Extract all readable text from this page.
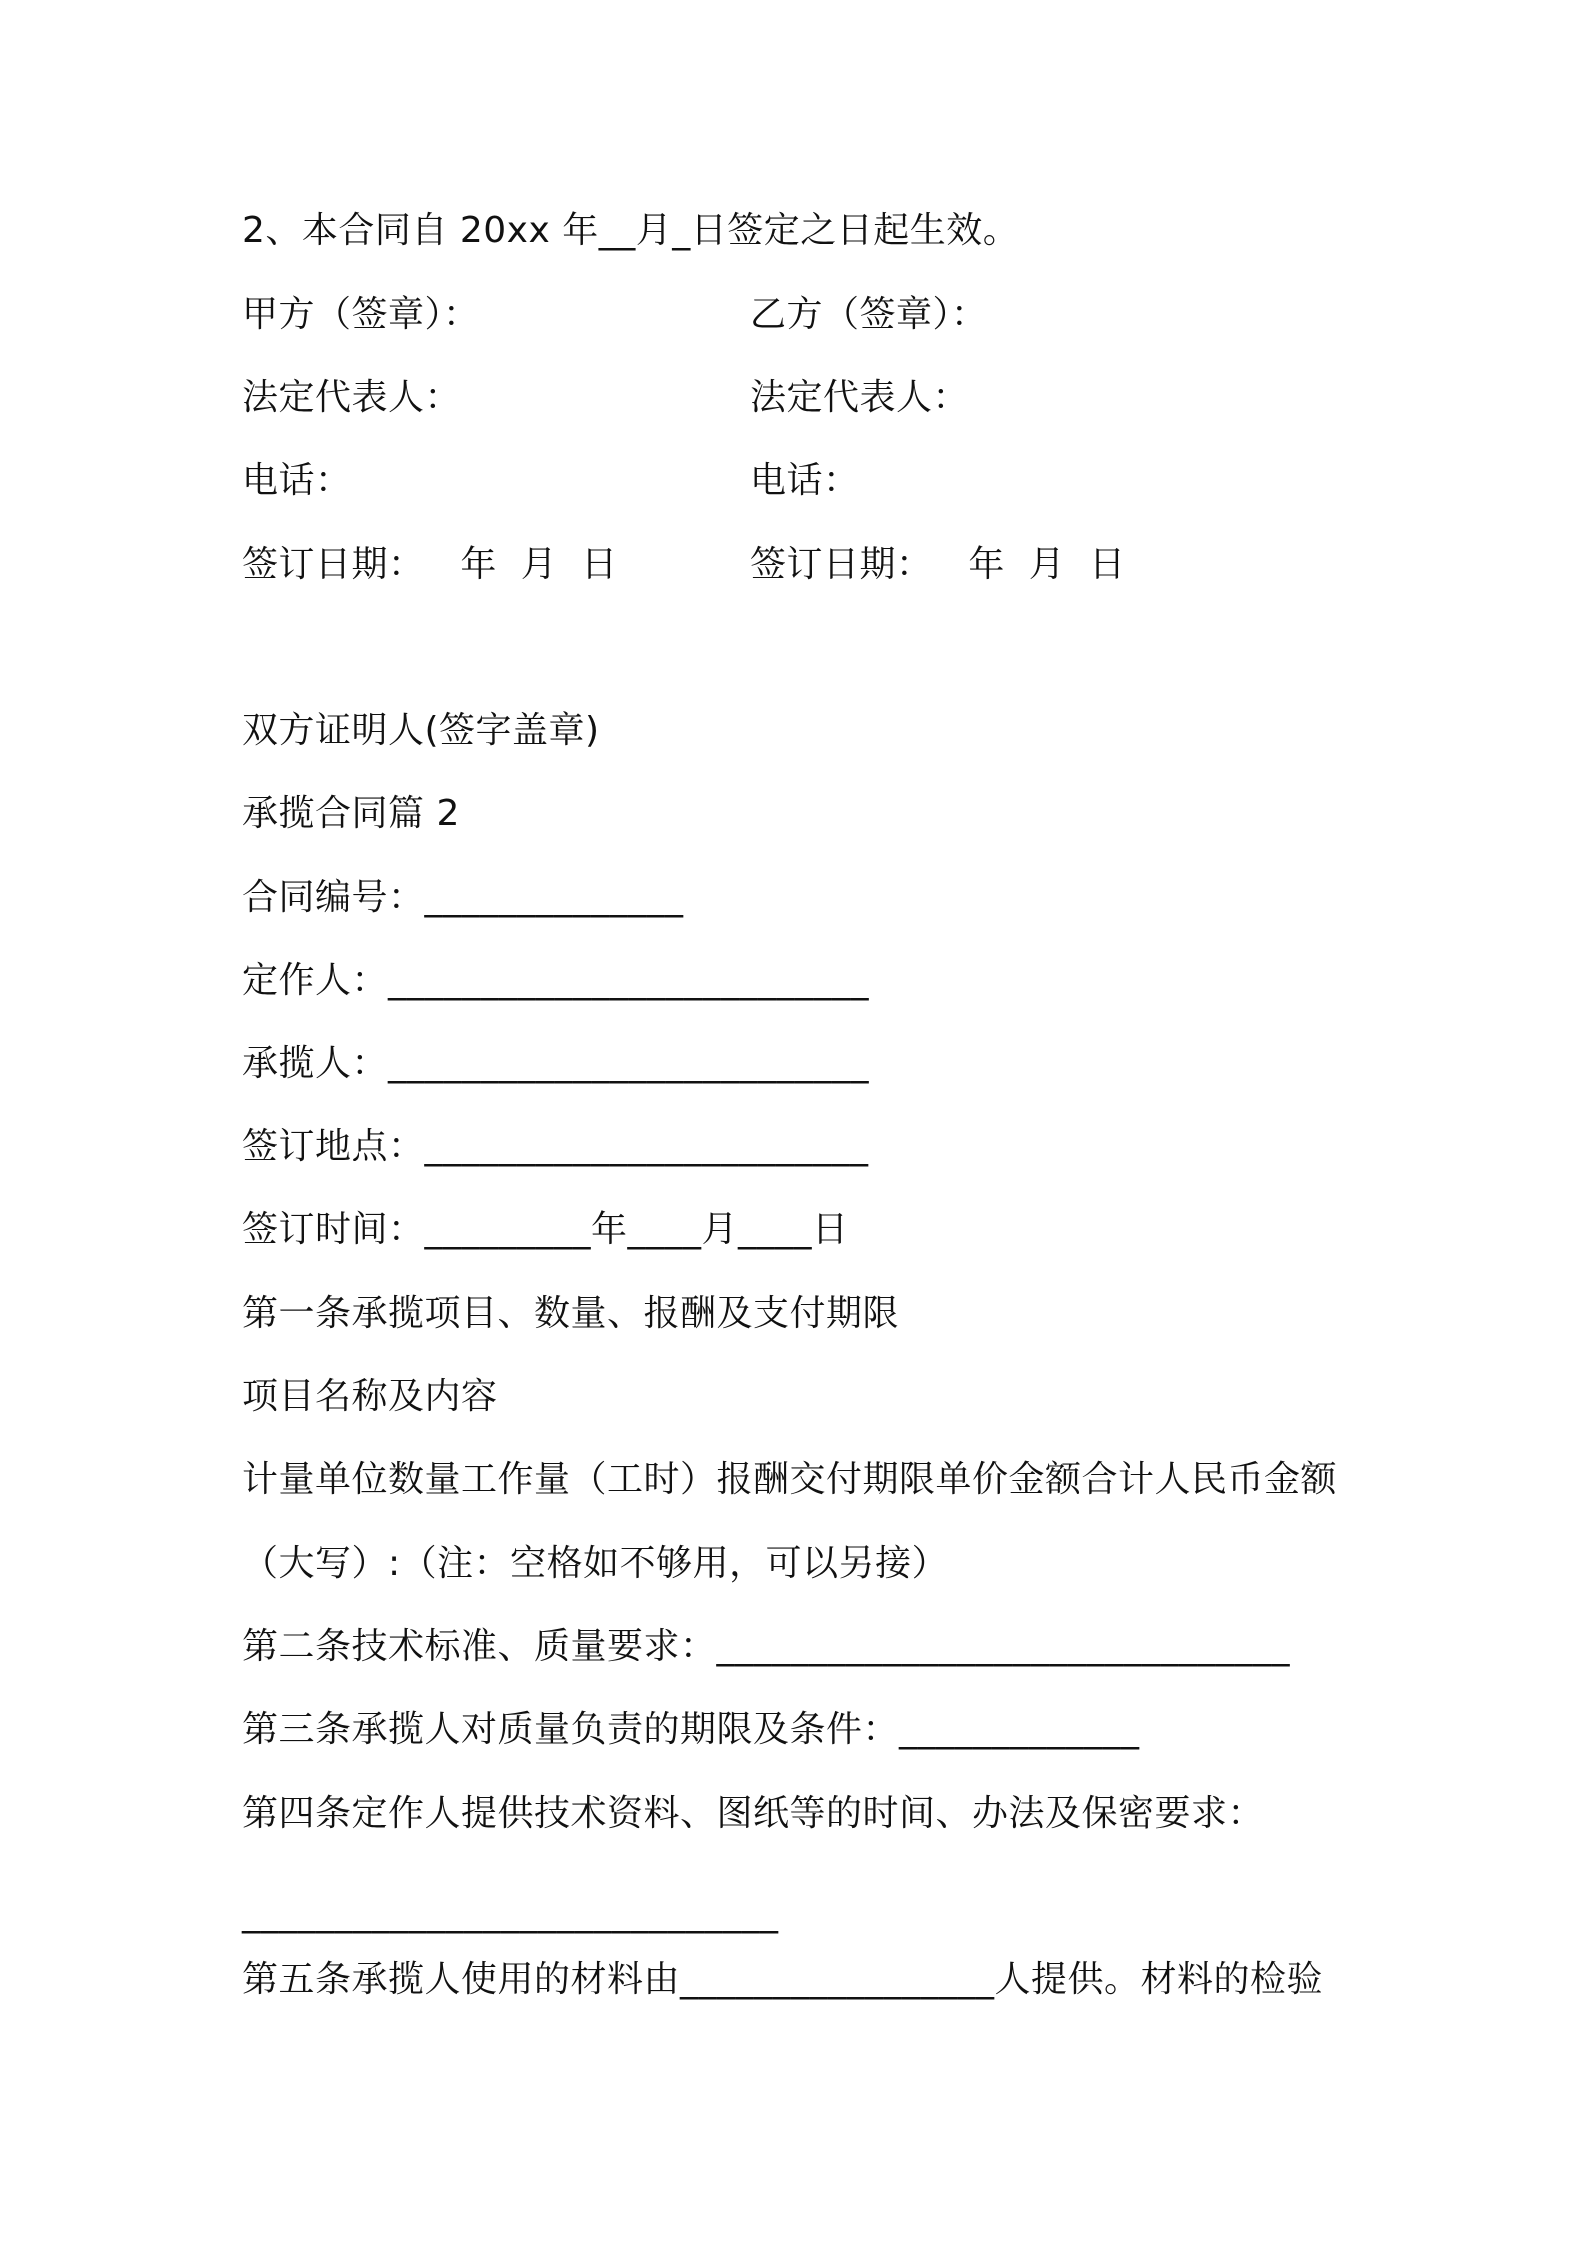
2、本合同自 20xx 年__月_日签定之日起生效。
甲方（签章）：	乙方（签章）：
法定代表人：	法定代表人：
电话：	电话：
签订日期：   年  月  日	签订日期：   年  月  日
双方证明人(签字盖章)
承揽合同篇 2
合同编号：______________
定作人：__________________________
承揽人：__________________________
签订地点：________________________
签订时间：_________年____月____日
第一条承揽项目、数量、报酬及支付期限
项目名称及内容
计量单位数量工作量（工时）报酬交付期限单价金额合计人民币金额
（大写）:（注：空格如不够用，可以另接）
第二条技术标准、质量要求：_______________________________
第三条承揽人对质量负责的期限及条件：_____________
第四条定作人提供技术资料、图纸等的时间、办法及保密要求：
_____________________________
第五条承揽人使用的材料由_________________人提供。材料的检验
